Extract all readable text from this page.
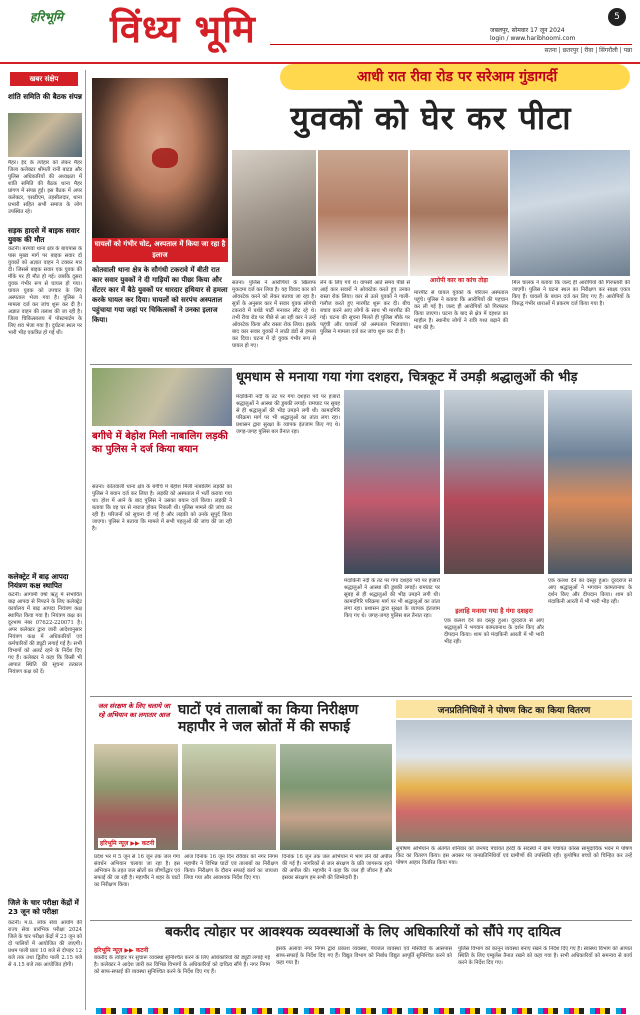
हरिभूमि विंध्य भूमि	जबलपुर, सोमवार 17 जून 2024
login / www.haribhoomi.com
5
सतना | छतरपुर | रीवा | सिंगरौली | पन्ना
खबर संक्षेप
शांति समिति की बैठक संपन्न
मैहर। ईद के त्योहार को लेकर मैहर जिला कलेक्टर श्रीमती रानी बाटड और पुलिस अधिकारियों की अध्यक्षता में शांति समिति की बैठक थाना मैहर प्रांगण में संपन्न हुई। इस बैठक में अपर कलेक्टर, एसडीएम, तहसीलदार, थाना प्रभारी सहित सभी समाज के लोग उपस्थित रहे।
सड़क हादसे में बाइक सवार युवक की मौत
कटनी। बरगवां थाना क्षेत्र के बायपास के पास मुख्य मार्ग पर बाइक सवार दो युवकों को अज्ञात वाहन ने टक्कर मार दी। जिससे बाइक सवार एक युवक की मौके पर ही मौत हो गई। जबकि दूसरा युवक गंभीर रूप से घायल हो गया। घायल युवक को उपचार के लिए अस्पताल भेजा गया है। पुलिस ने मामला दर्ज कर जांच शुरू कर दी है। अज्ञात वाहन की तलाश की जा रही है। जिला चिकित्सालय में पोस्टमार्टम के लिए शव भेजा गया है। दुर्घटना स्थल पर भारी भीड़ एकत्रित हो गई थी।
कलेक्ट्रेट में बाढ़ आपदा नियंत्रण कक्ष स्थापित
कटनी। आगामी वर्षा ऋतु में संभावित बाढ़ आपदा से निपटने के लिए कलेक्ट्रेट कार्यालय में बाढ़ आपदा नियंत्रण कक्ष स्थापित किया गया है। नियंत्रण कक्ष का दूरभाष नंबर 07622-220071 है। अपर कलेक्टर द्वारा जारी आदेशानुसार नियंत्रण कक्ष में अधिकारियों एवं कर्मचारियों की ड्यूटी लगाई गई है। सभी विभागों को अलर्ट रहने के निर्देश दिए गए हैं। कलेक्टर ने कहा कि किसी भी आपात स्थिति की सूचना तत्काल नियंत्रण कक्ष को दें।
जिले के चार परीक्षा केंद्रों में 23 जून को परीक्षा
कटनी। म.प्र. लोक सेवा आयोग की राज्य सेवा प्रारंभिक परीक्षा 2024 जिले के चार परीक्षा केंद्रों में 23 जून को दो पालियों में आयोजित की जाएगी। प्रथम पाली प्रातः 10 बजे से दोपहर 12 बजे तक तथा द्वितीय पाली 2.15 बजे से 4.15 बजे तक आयोजित होगी।
आधी रात रीवा रोड पर सरेआम गुंडागर्दी
युवकों को घेर कर पीटा
घायलों को गंभीर चोट, अस्पताल में किया जा रहा है इलाज
कोतवाली थाना क्षेत्र के सौगंधी टकरावे में बीती रात कार सवार युवकों ने दी गाड़ियों का पीछा किया और सेंटरर कार में बैठे युवकों पर धारदार हथियार से हमला करके घायल कर दिया। घायलों को सरपंच अस्पताल पहुंचाया गया जहां पर चिकित्सकों ने उनका इलाज किया।
आरोपी कार का कांच तोड़ा
सतना। पुलिस ने आरोपियों के खिलाफ मुकदमा दर्ज कर लिया है। यह विवाद कार को ओवरटेक करने को लेकर बताया जा रहा है। सुत्रों के अनुसार कार में सवार युवक सोगंधी टकरावे में बर्थडे पार्टी मनाकर लौट रहे थे। तभी रीवा रोड पर पीछे से आ रही कार ने उन्हें ओवरटेक किया और रास्ता रोक लिया। इसके बाद कार सवार युवकों ने लाठी डंडों से हमला कर दिया। घटना में दो युवक गंभीर रूप से घायल हो गए।
लेने के लिए गये थे। वापसी आते समय पीछे से आई कार सवारों ने ओवरटेक करते हुए उनका रास्ता रोक लिया। कार से उतरे युवकों ने गाली-गलौज करते हुए मारपीट शुरू कर दी। बीच बचाव करने आए लोगों के साथ भी मारपीट की गई। घटना की सूचना मिलते ही पुलिस मौके पर पहुंची और घायलों को अस्पताल भिजवाया। पुलिस ने मामला दर्ज कर जांच शुरू कर दी है।
मारपीट से घायल युवकों के परिजन अस्पताल पहुंचे। पुलिस ने बताया कि आरोपियों की पहचान कर ली गई है। जल्द ही आरोपियों को गिरफ्तार किया जाएगा। घटना के बाद से क्षेत्र में दहशत का माहौल है। स्थानीय लोगों ने रात्रि गश्त बढ़ाने की मांग की है।
मिल चालक ने बताया कि जल्द ही आरोपियों की गिरफ्तारी की जाएगी। पुलिस ने घटना स्थल का निरीक्षण कर साक्ष्य एकत्र किए हैं। घायलों के बयान दर्ज कर लिए गए हैं। आरोपियों के विरुद्ध गंभीर धाराओं में प्रकरण दर्ज किया गया है।
धूमधाम से मनाया गया गंगा दशहरा, चित्रकूट में उमड़ी श्रद्धालुओं की भीड़
बगीचे में बेहोश मिली नाबालिग लड़की का पुलिस ने दर्ज किया बयान
सतना। कोतवाली थाना क्षेत्र के बगीचे में बेहोश मिली नाबालिग लड़की का पुलिस ने बयान दर्ज कर लिया है। लड़की को अस्पताल में भर्ती कराया गया था। होश में आने के बाद पुलिस ने उसका बयान दर्ज किया। लड़की ने बताया कि वह घर से नाराज होकर निकली थी। पुलिस मामले की जांच कर रही है। परिजनों को सूचना दी गई है और लड़की को उनके सुपुर्द किया जाएगा। पुलिस ने बताया कि मामले में सभी पहलुओं की जांच की जा रही है।
मंदाकिनी नदी के तट पर गंगा दशहरा पर्व पर हजारों श्रद्धालुओं ने आस्था की डुबकी लगाई। रामघाट पर सुबह से ही श्रद्धालुओं की भीड़ उमड़ने लगी थी। कामदगिरि परिक्रमा मार्ग पर भी श्रद्धालुओं का तांता लगा रहा। प्रशासन द्वारा सुरक्षा के व्यापक इंतजाम किए गए थे। जगह-जगह पुलिस बल तैनात रहा।
मंदाकिनी नदी के तट पर गंगा दशहरा पर्व पर हजारों श्रद्धालुओं ने आस्था की डुबकी लगाई। रामघाट पर सुबह से ही श्रद्धालुओं की भीड़ उमड़ने लगी थी। कामदगिरि परिक्रमा मार्ग पर भी श्रद्धालुओं का तांता लगा रहा। प्रशासन द्वारा सुरक्षा के व्यापक इंतजाम किए गए थे। जगह-जगह पुलिस बल तैनात रहा।
इलाहि मनाया गया है गंगा दशहरा
एक कलश देने का दस्तूर हुआ। दूरदराज से आए श्रद्धालुओं ने भगवान कामतानाथ के दर्शन किए और दीपदान किया। शाम को मंदाकिनी आरती में भी भारी भीड़ रही।
एक कलश देने का दस्तूर हुआ। दूरदराज से आए श्रद्धालुओं ने भगवान कामतानाथ के दर्शन किए और दीपदान किया। शाम को मंदाकिनी आरती में भी भारी भीड़ रही।
जल संरक्षण के लिए चलाये जा रहे अभियान का लगातार आज घाटों एवं तालाबों का किया निरीक्षण महापौर ने जल स्रोतों में की सफाई
हरिभूमि न्यूज़ ▶▶ कटनी
प्रदेश भर में 5 जून से 16 जून तक जल गंगा संवर्धन अभियान चलाया जा रहा है। इस अभियान के तहत जल स्रोतों का जीर्णोद्धार एवं सफाई की जा रही है। महापौर ने शहर के घाटों का निरीक्षण किया।
आज दिनांक 16 जून दिन रविवार को नगर निगम महापौर ने विभिन्न घाटों एवं तालाबों का निरीक्षण किया। निरीक्षण के दौरान सफाई कार्य का जायजा लिया गया और आवश्यक निर्देश दिए गए।
दिनांक 16 जून तक जल अभियान में भाग लेने की अपील की गई है। नागरिकों से जल संरक्षण के प्रति जागरूक रहने की अपील की। महापौर ने कहा कि जल ही जीवन है और इसका संरक्षण हम सभी की जिम्मेदारी है।
जनप्रतिनिधियों ने पोषण किट का किया वितरण
सुपोषण अभियान के अंतर्गत शनिवार को जनपद पंचायत हरदी के सदस्यों ने ग्राम पंचायत कोरस सामुदायिक भवन में पोषण किट का वितरण किया। इस अवसर पर जनप्रतिनिधियों एवं ग्रामीणों की उपस्थिति रही। कुपोषित बच्चों को चिन्हित कर उन्हें पोषण आहार वितरित किया गया।
बकरीद त्योहार पर आवश्यक व्यवस्थाओं के लिए अधिकारियों को सौंपे गए दायित्व
हरिभूमि न्यूज़ ▶▶ कटनी
बकरीद के त्योहार पर सुचारू व्यवस्था सुनिश्चित करने के लिए अधिकारियों की ड्यूटी लगाई गई है। कलेक्टर ने आदेश जारी कर विभिन्न विभागों के अधिकारियों को दायित्व सौंपे हैं। नगर निगम को साफ-सफाई की व्यवस्था सुनिश्चित करने के निर्देश दिए गए हैं।
इसके अलावा नगर निगम द्वारा प्रकाश व्यवस्था, पेयजल व्यवस्था एवं मस्जिदों के आसपास साफ-सफाई के निर्देश दिए गए हैं। विद्युत विभाग को निर्बाध विद्युत आपूर्ति सुनिश्चित करने को कहा गया है।
पुलिस विभाग को कानून व्यवस्था बनाए रखने के निर्देश दिए गए हैं। स्वास्थ्य विभाग को आपात स्थिति के लिए एम्बुलेंस तैनात रखने को कहा गया है। सभी अधिकारियों को समन्वय से कार्य करने के निर्देश दिए गए।
